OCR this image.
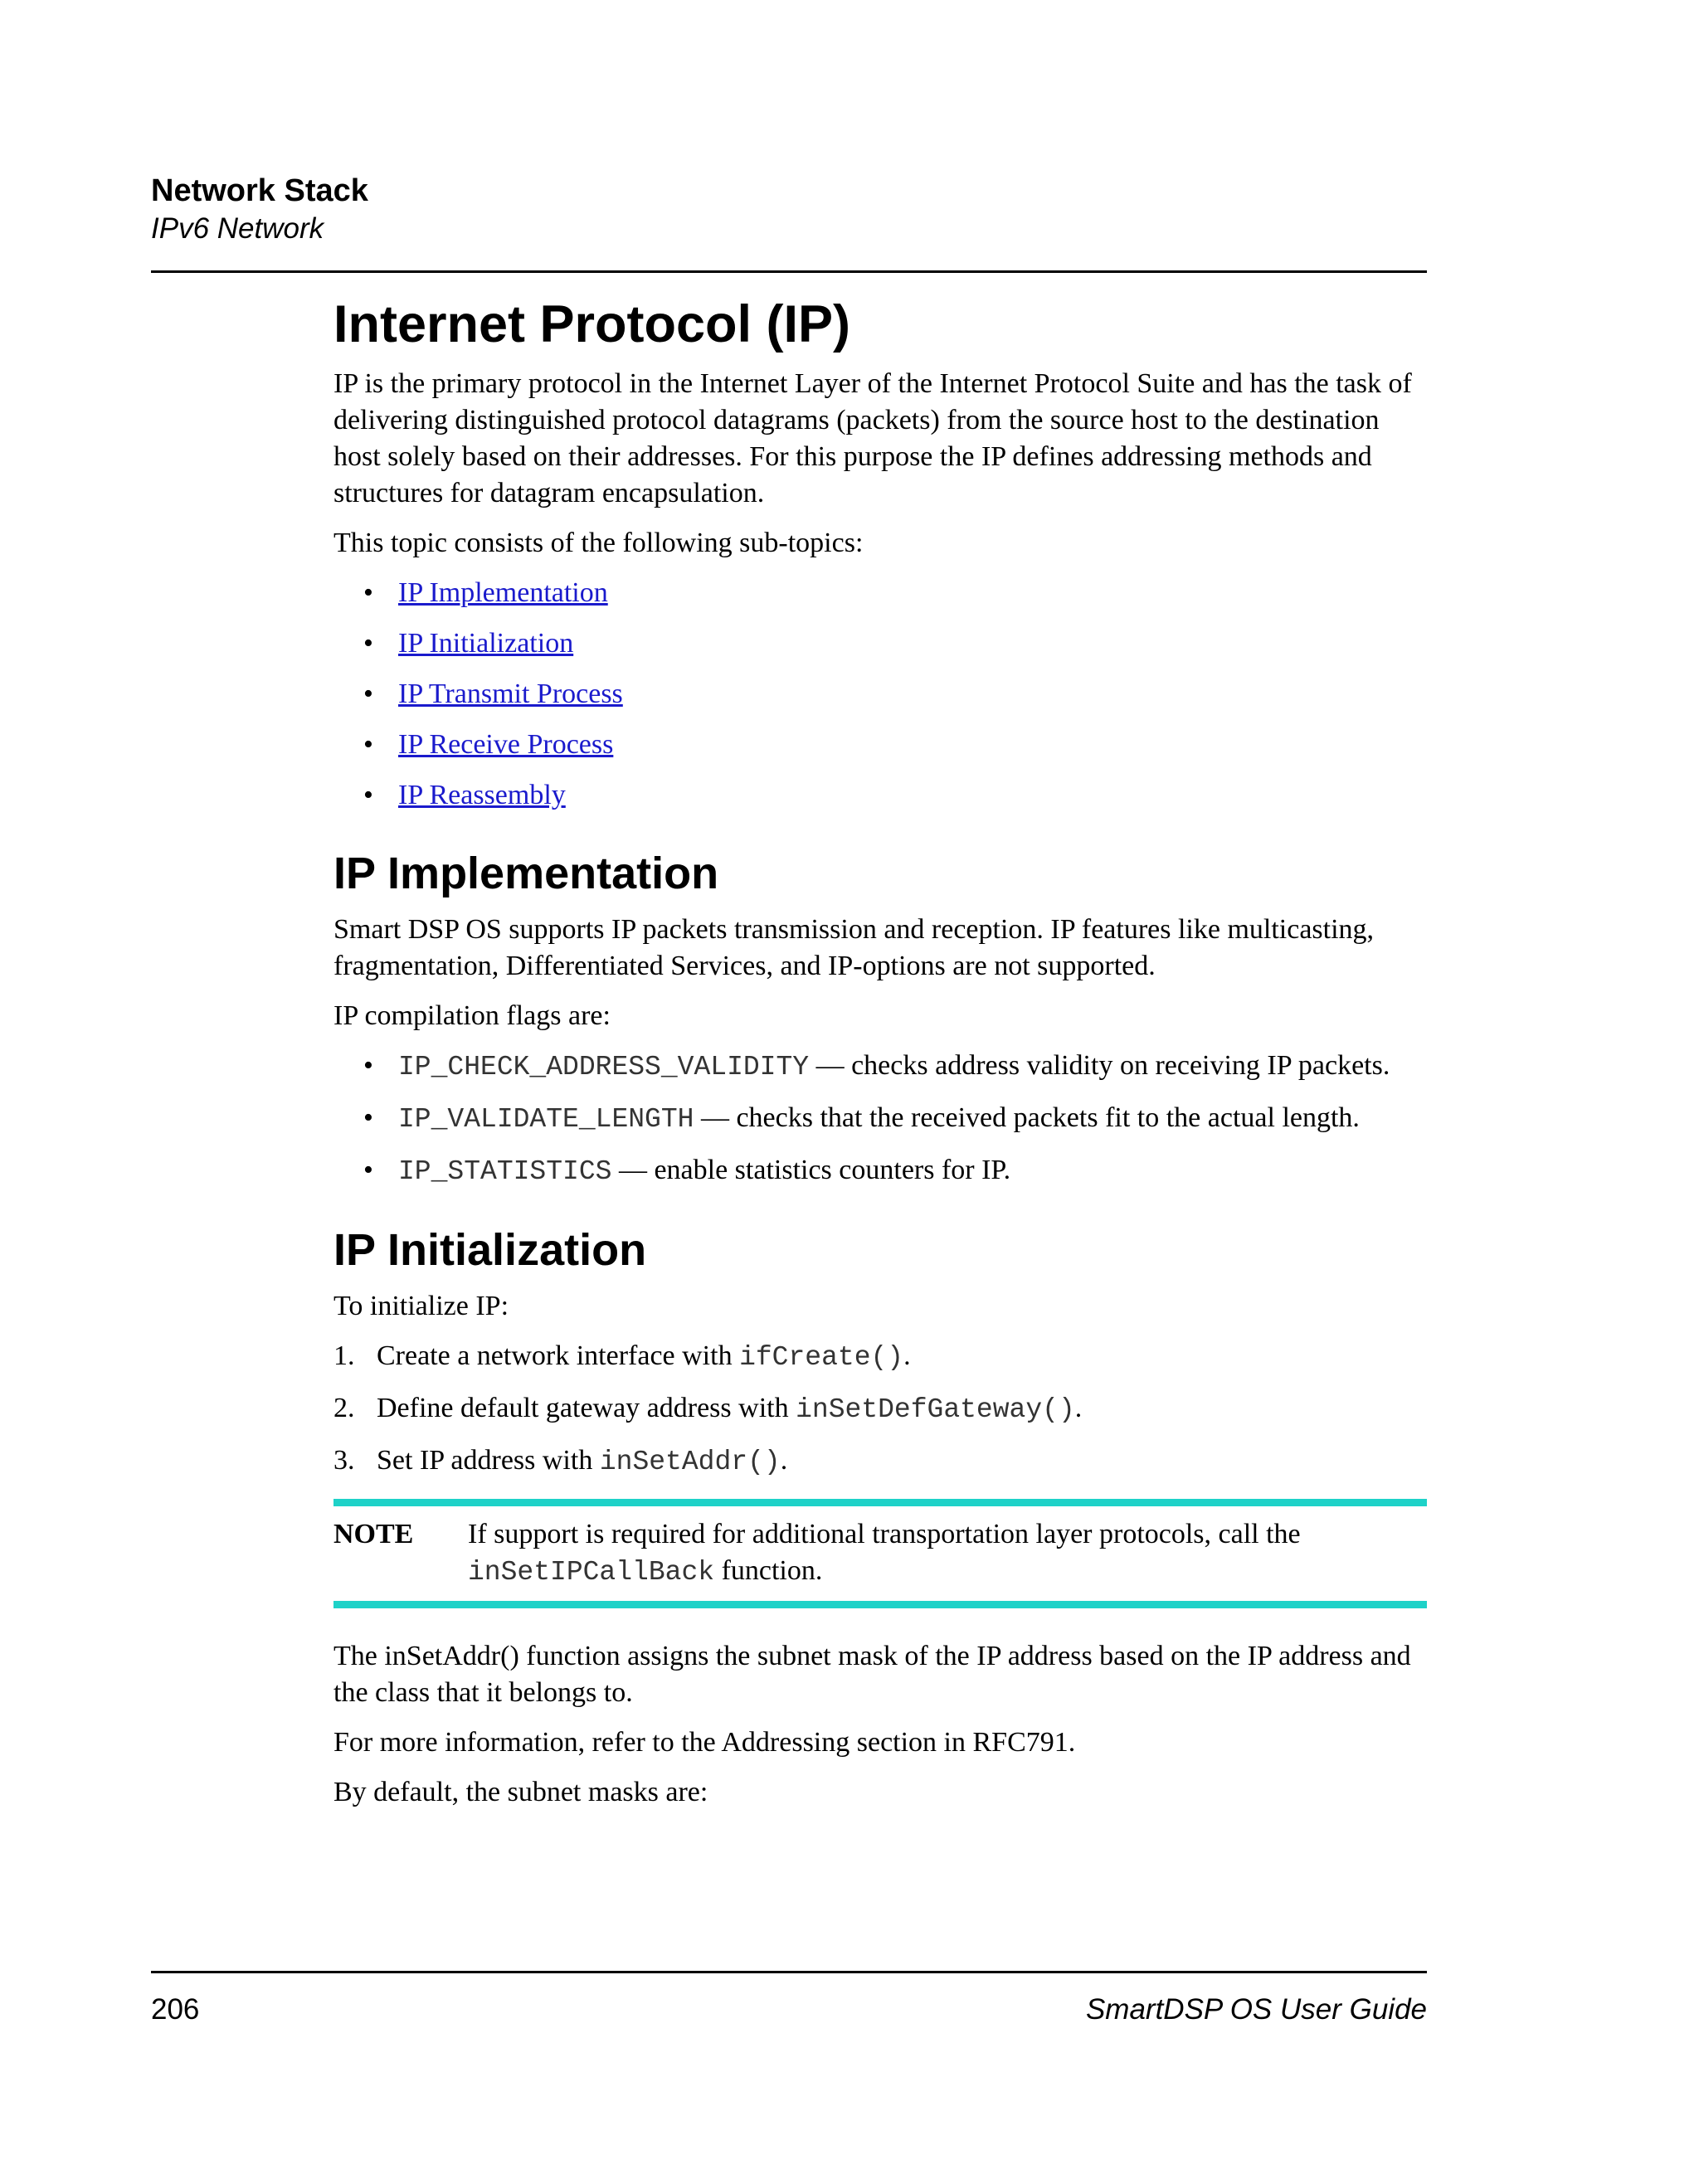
Network Stack
IPv6 Network
Internet Protocol (IP)

IP is the primary protocol in the Internet Layer of the Internet Protocol Suite and has the task of delivering distinguished protocol datagrams (packets) from the source host to the destination host solely based on their addresses. For this purpose the IP defines addressing methods and structures for datagram encapsulation.

This topic consists of the following sub-topics:

• IP Implementation
• IP Initialization
• IP Transmit Process
• IP Receive Process
• IP Reassembly
IP Implementation

Smart DSP OS supports IP packets transmission and reception. IP features like multicasting, fragmentation, Differentiated Services, and IP-options are not supported.

IP compilation flags are:

• IP_CHECK_ADDRESS_VALIDITY — checks address validity on receiving IP packets.
• IP_VALIDATE_LENGTH — checks that the received packets fit to the actual length.
• IP_STATISTICS — enable statistics counters for IP.
IP Initialization

To initialize IP:

1. Create a network interface with ifCreate().
2. Define default gateway address with inSetDefGateway().
3. Set IP address with inSetAddr().
NOTE	If support is required for additional transportation layer protocols, call the inSetIPCallBack function.

The inSetAddr() function assigns the subnet mask of the IP address based on the IP address and the class that it belongs to.

For more information, refer to the Addressing section in RFC791.

By default, the subnet masks are:

206	SmartDSP OS User Guide
